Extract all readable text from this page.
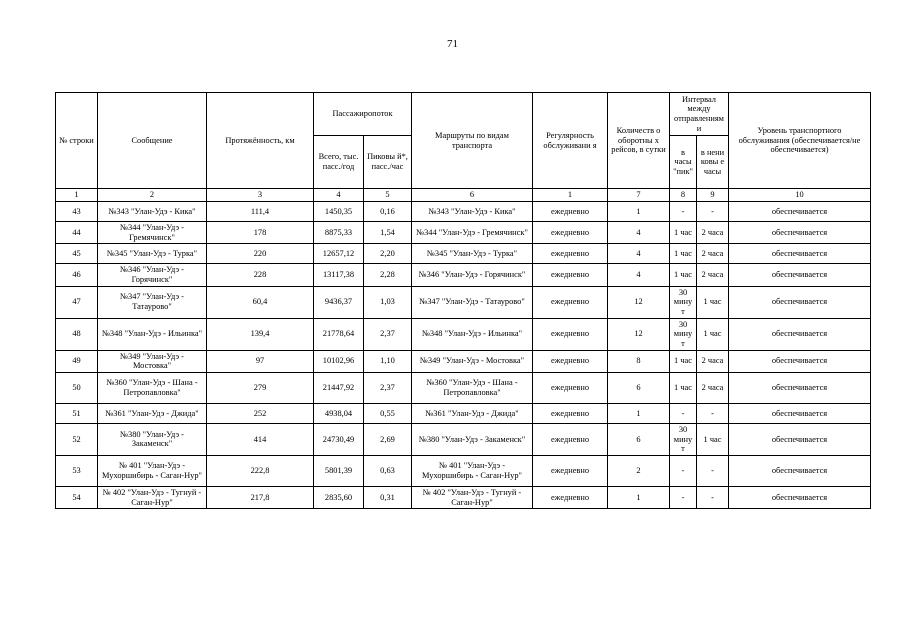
71
№ строки	Сообщение	Протяжённость, км	Пассажиропоток		Маршруты по видам транспорта	Регулярность обслуживани я	Количеств о оборотны х рейсов, в сутки	Интервал между отправлениям и		Уровень транспортного обслуживания (обеспечивается/не обеспечивается)
			Всего, тыс. пасс./год	Пиковы й*, пасс./час				в часы "пик"	в нени ковы е часы	
1	2	3	4	5	6	1	7	8	9	10
43	№343 "Улан-Удэ - Кика"	111,4	1450,35	0,16	№343 "Улан-Удэ - Кика"	ежедневно	1	-	-	обеспечивается
44	№344 "Улан-Удэ - Гремячинск"	178	8875,33	1,54	№344 "Улан-Удэ - Гремячинск"	ежедневно	4	1 час	2 часа	обеспечивается
45	№345 "Улан-Удэ - Турка"	220	12657,12	2,20	№345 "Улан-Удэ - Турка"	ежедневно	4	1 час	2 часа	обеспечивается
46	№346 "Улан-Удэ - Горячинск"	228	13117,38	2,28	№346 "Улан-Удэ - Горячинск"	ежедневно	4	1 час	2 часа	обеспечивается
47	№347 "Улан-Удэ - Татаурово"	60,4	9436,37	1,03	№347 "Улан-Удэ - Татаурово"	ежедневно	12	30 мину т	1 час	обеспечивается
48	№348 "Улан-Удэ - Ильинка"	139,4	21778,64	2,37	№348 "Улан-Удэ - Ильинка"	ежедневно	12	30 мину т	1 час	обеспечивается
49	№349 "Улан-Удэ - Мостовка"	97	10102,96	1,10	№349 "Улан-Удэ - Мостовка"	ежедневно	8	1 час	2 часа	обеспечивается
50	№360 "Улан-Удэ - Шана - Петропавловка"	279	21447,92	2,37	№360 "Улан-Удэ - Шана - Петропавловка"	ежедневно	6	1 час	2 часа	обеспечивается
51	№361 "Улан-Удэ - Джида"	252	4938,04	0,55	№361 "Улан-Удэ - Джида"	ежедневно	1	-	-	обеспечивается
52	№380 "Улан-Удэ - Закаменск"	414	24730,49	2,69	№380 "Улан-Удэ - Закаменск"	ежедневно	6	30 мину т	1 час	обеспечивается
53	№ 401 "Улан-Удэ - Мухоршибирь - Саган-Нур"	222,8	5801,39	0,63	№ 401 "Улан-Удэ - Мухоршибирь - Саган-Нур"	ежедневно	2	-	-	обеспечивается
54	№ 402 "Улан-Удэ - Тугнуй - Саган-Нур"	217,8	2835,60	0,31	№ 402 "Улан-Удэ - Тугнуй - Саган-Нур"	ежедневно	1	-	-	обеспечивается
